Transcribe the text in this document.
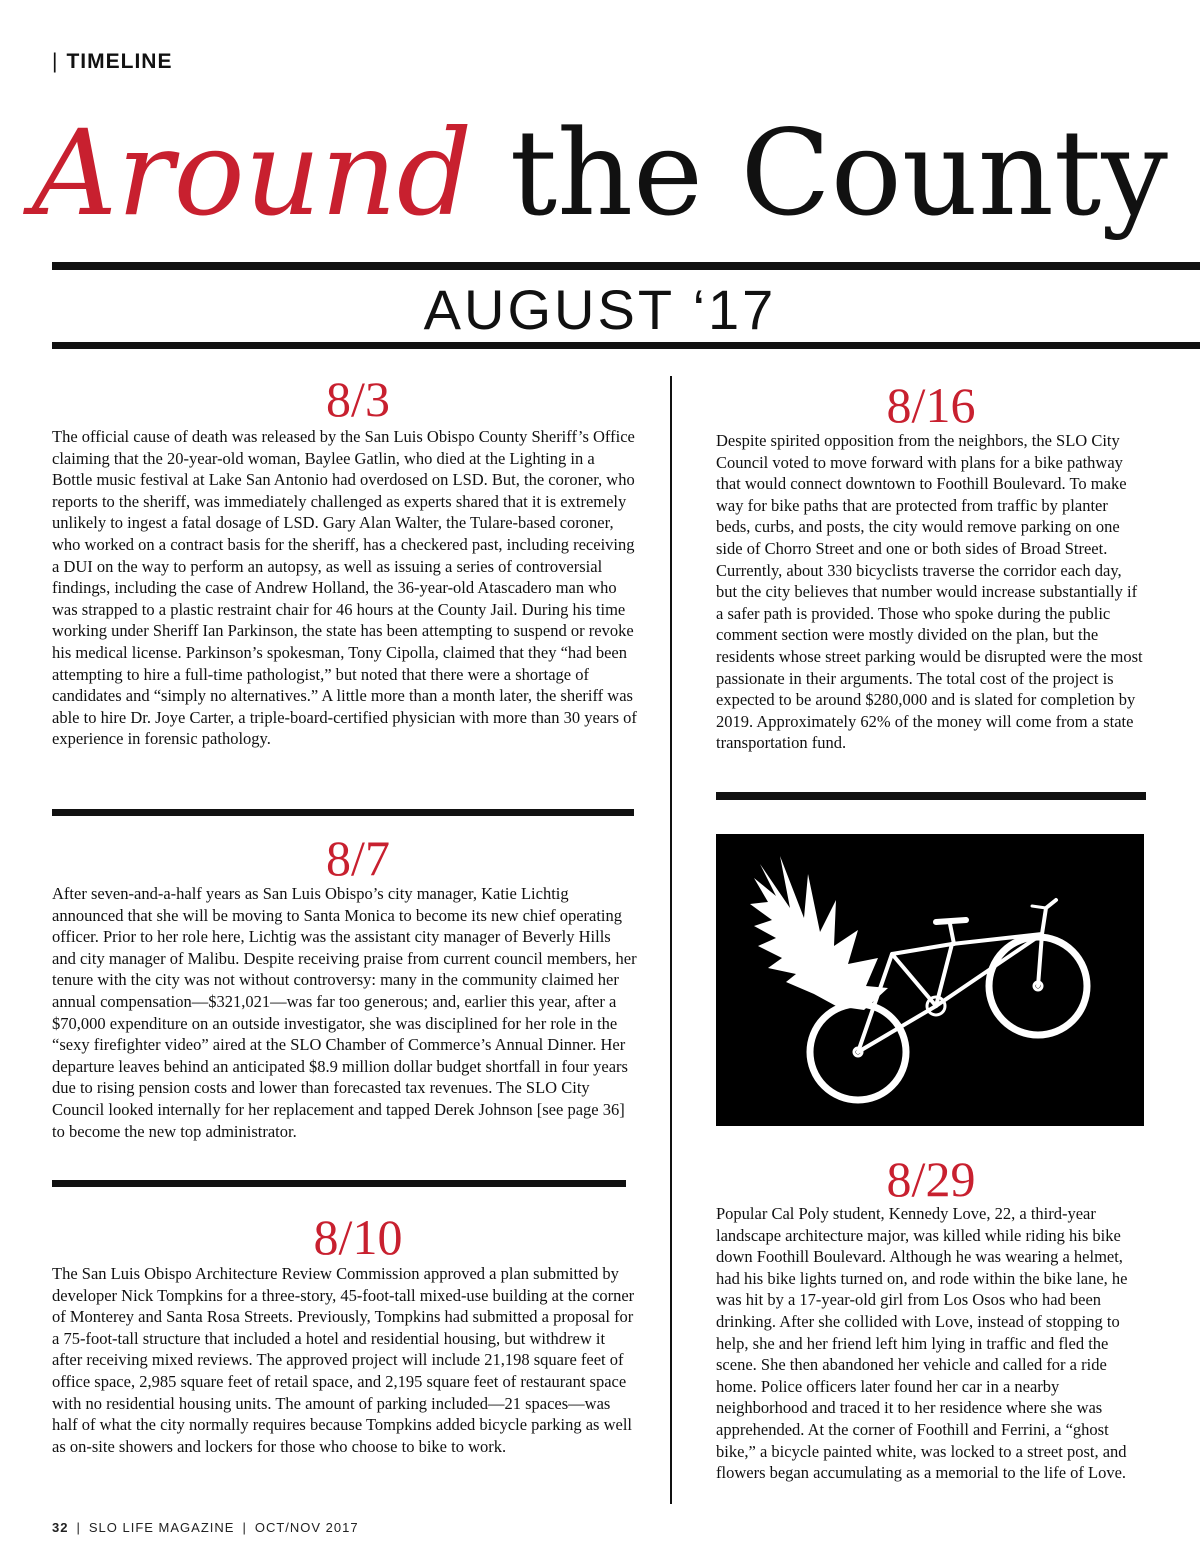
| TIMELINE
Around the County
AUGUST ‘17
8/3

The official cause of death was released by the San Luis Obispo County Sheriff’s Office claiming that the 20-year-old woman, Baylee Gatlin, who died at the Lighting in a Bottle music festival at Lake San Antonio had overdosed on LSD. But, the coroner, who reports to the sheriff, was immediately challenged as experts shared that it is extremely unlikely to ingest a fatal dosage of LSD. Gary Alan Walter, the Tulare-based coroner, who worked on a contract basis for the sheriff, has a checkered past, including receiving a DUI on the way to perform an autopsy, as well as issuing a series of controversial findings, including the case of Andrew Holland, the 36-year-old Atascadero man who was strapped to a plastic restraint chair for 46 hours at the County Jail. During his time working under Sheriff Ian Parkinson, the state has been attempting to suspend or revoke his medical license. Parkinson’s spokesman, Tony Cipolla, claimed that they “had been attempting to hire a full-time pathologist,” but noted that there were a shortage of candidates and “simply no alternatives.” A little more than a month later, the sheriff was able to hire Dr. Joye Carter, a triple-board-certified physician with more than 30 years of experience in forensic pathology.

8/7

After seven-and-a-half years as San Luis Obispo’s city manager, Katie Lichtig announced that she will be moving to Santa Monica to become its new chief operating officer. Prior to her role here, Lichtig was the assistant city manager of Beverly Hills and city manager of Malibu. Despite receiving praise from current council members, her tenure with the city was not without controversy: many in the community claimed her annual compensation—$321,021—was far too generous; and, earlier this year, after a $70,000 expenditure on an outside investigator, she was disciplined for her role in the “sexy firefighter video” aired at the SLO Chamber of Commerce’s Annual Dinner. Her departure leaves behind an anticipated $8.9 million dollar budget shortfall in four years due to rising pension costs and lower than forecasted tax revenues. The SLO City Council looked internally for her replacement and tapped Derek Johnson [see page 36] to become the new top administrator.

8/10

The San Luis Obispo Architecture Review Commission approved a plan submitted by developer Nick Tompkins for a three-story, 45-foot-tall mixed-use building at the corner of Monterey and Santa Rosa Streets. Previously, Tompkins had submitted a proposal for a 75-foot-tall structure that included a hotel and residential housing, but withdrew it after receiving mixed reviews. The approved project will include 21,198 square feet of office space, 2,985 square feet of retail space, and 2,195 square feet of restaurant space with no residential housing units. The amount of parking included—21 spaces—was half of what the city normally requires because Tompkins added bicycle parking as well as on-site showers and lockers for those who choose to bike to work.

8/16

Despite spirited opposition from the neighbors, the SLO City Council voted to move forward with plans for a bike pathway that would connect downtown to Foothill Boulevard. To make way for bike paths that are protected from traffic by planter beds, curbs, and posts, the city would remove parking on one side of Chorro Street and one or both sides of Broad Street. Currently, about 330 bicyclists traverse the corridor each day, but the city believes that number would increase substantially if a safer path is provided. Those who spoke during the public comment section were mostly divided on the plan, but the residents whose street parking would be disrupted were the most passionate in their arguments. The total cost of the project is expected to be around $280,000 and is slated for completion by 2019. Approximately 62% of the money will come from a state transportation fund.

8/29

Popular Cal Poly student, Kennedy Love, 22, a third-year landscape architecture major, was killed while riding his bike down Foothill Boulevard. Although he was wearing a helmet, had his bike lights turned on, and rode within the bike lane, he was hit by a 17-year-old girl from Los Osos who had been drinking. After she collided with Love, instead of stopping to help, she and her friend left him lying in traffic and fled the scene. She then abandoned her vehicle and called for a ride home. Police officers later found her car in a nearby neighborhood and traced it to her residence where she was apprehended. At the corner of Foothill and Ferrini, a “ghost bike,” a bicycle painted white, was locked to a street post, and flowers began accumulating as a memorial to the life of Love.

32 | SLO LIFE MAGAZINE | OCT/NOV 2017
